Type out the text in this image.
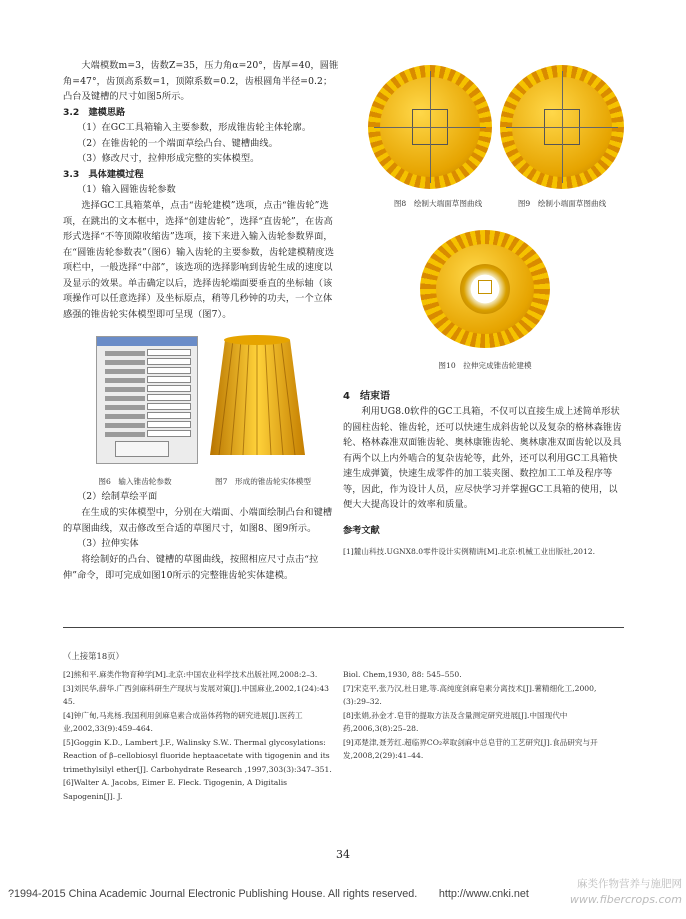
大端模数m=3，齿数Z=35，压力角α=20°，齿厚=40，圆锥角=47°，齿顶高系数=1，顶隙系数=0.2，齿根圆角半径=0.2；凸台及键槽的尺寸如图5所示。
3.2　建模思路
（1）在GC工具箱输入主要参数，形成锥齿轮主体轮廓。
（2）在锥齿轮的一个端面草绘凸台、键槽曲线。
（3）修改尺寸，拉伸形成完整的实体模型。
3.3　具体建模过程
（1）输入圆锥齿轮参数
选择GC工具箱菜单，点击“齿轮建模”选项，点击“锥齿轮”选项，在跳出的文本框中，选择“创建齿轮”，选择“直齿轮”，在齿高形式选择“不等顶隙收缩齿”选项，接下来进入输入齿轮参数界面，在“圆锥齿轮参数表”（图6）输入齿轮的主要参数，齿轮建模精度选项栏中，一般选择“中部”，该选项的选择影响到齿轮生成的速度以及显示的效果。单击确定以后，选择齿轮端面要垂直的坐标轴（该项操作可以任意选择）及坐标原点，稍等几秒钟的功夫，一个立体感强的锥齿轮实体模型即可呈现（图7）。
图6　输入锥齿轮参数	图7　形成的锥齿轮实体模型
（2）绘制草绘平面
在生成的实体模型中，分别在大端面、小端面绘制凸台和键槽的草图曲线，双击修改至合适的草图尺寸，如图8、图9所示。
（3）拉伸实体
将绘制好的凸台、键槽的草图曲线，按照相应尺寸点击“拉伸”命令，即可完成如图10所示的完整锥齿轮实体建模。
图8　绘制大端面草图曲线	图9　绘制小端面草图曲线
图10　拉伸完成锥齿轮建模
4　结束语
利用UG8.0软件的GC工具箱，不仅可以直接生成上述简单形状的圆柱齿轮、锥齿轮，还可以快速生成斜齿轮以及复杂的格林森锥齿轮、格林森准双面锥齿轮、奥林康锥齿轮、奥林康准双面齿轮以及具有两个以上内外啮合的复杂齿轮等，此外，还可以利用GC工具箱快速生成弹簧，快速生成零件的加工装夹图、数控加工工单及程序等等，因此，作为设计人员，应尽快学习并掌握GC工具箱的使用，以便大大提高设计的效率和质量。
参考文献
[1]麓山科技.UGNX8.0零件设计实例精讲[M].北京:机械工业出版社,2012.
（上接第18页）
[2]熊和平.麻类作物育种学[M].北京:中国农业科学技术出版社网,2008:2–3.
[3]刘民华,薛华.广西剑麻科研生产现状与发展对策[J].中国麻业,2002,1(24):43　45.
[4]钟广甸,马兆杨.我国利用剑麻皂素合成甾体药物的研究进展[J].医药工业,2002,33(9):459–464.
[5]Goggin K.D., Lambert J.F., Walinsky S.W.. Thermal glycosylations: Reaction of β–cellobiosyl fluoride heptaacetate with tigogenin and its trimethylsilyl ether[J]. Carbohydrate Research ,1997,303(3):347–351.
[6]Walter A. Jacobs, Eimer E. Fleck. Tigogenin, A Digitalis Sapogenin[J]. J.
Biol. Chem,1930, 88: 545–550.
[7]宋克平,张乃汉,杜日建,等.高纯度剑麻皂素分离技术[J].薯精细化工,2000,(3):29–32.
[8]张娟,孙金才.皂苷的提取方法及含量测定研究进展[J].中国现代中药,2006,3(8):25–28.
[9]邓楚津,聂芳红.超临界CO₂萃取剑麻中总皂苷的工艺研究[J].食品研究与开发,2008,2(29):41–44.
34
?1994-2015 China Academic Journal Electronic Publishing House. All rights reserved.　　http://www.cnki.net
麻类作物营养与施肥网
www.fibercrops.com
